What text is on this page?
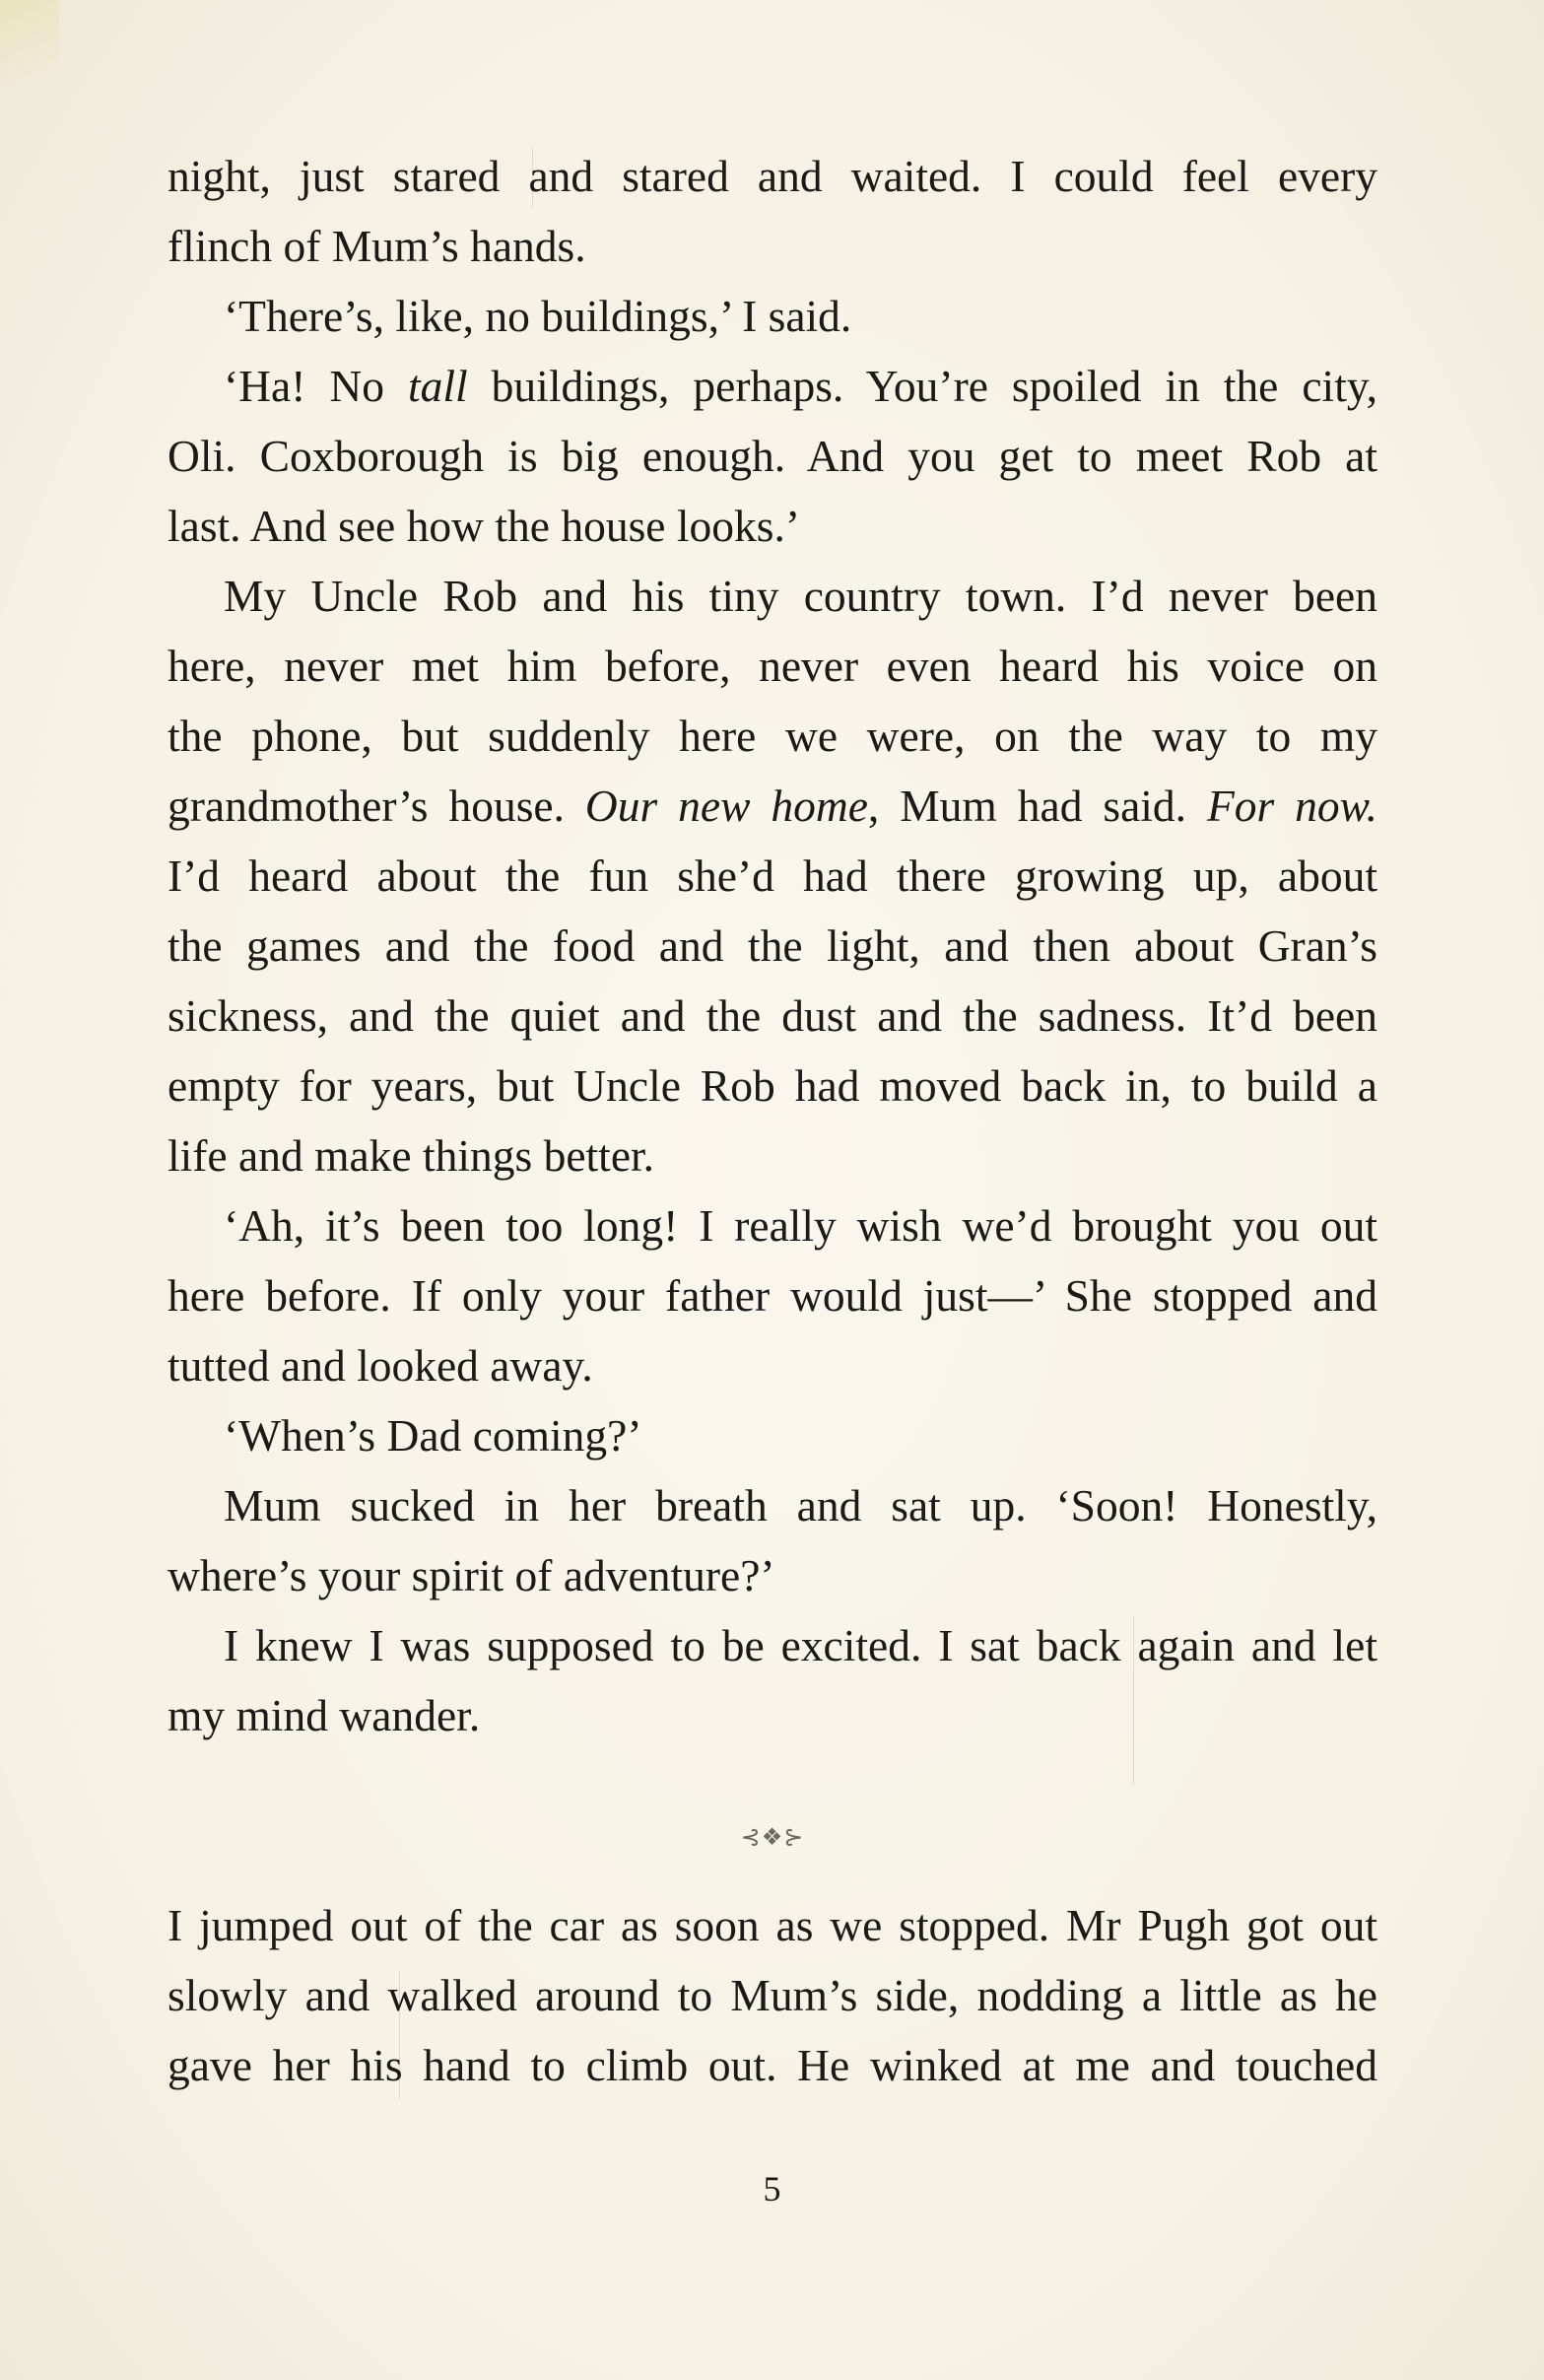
night, just stared and stared and waited. I could feel every
flinch of Mum’s hands.
‘There’s, like, no buildings,’ I said.
‘Ha! No tall buildings, perhaps. You’re spoiled in the city,
Oli. Coxborough is big enough. And you get to meet Rob at
last. And see how the house looks.’
My Uncle Rob and his tiny country town. I’d never been
here, never met him before, never even heard his voice on
the phone, but suddenly here we were, on the way to my
grandmother’s house. Our new home, Mum had said. For now.
I’d heard about the fun she’d had there growing up, about
the games and the food and the light, and then about Gran’s
sickness, and the quiet and the dust and the sadness. It’d been
empty for years, but Uncle Rob had moved back in, to build a
life and make things better.
‘Ah, it’s been too long! I really wish we’d brought you out
here before. If only your father would just—’ She stopped and
tutted and looked away.
‘When’s Dad coming?’
Mum sucked in her breath and sat up. ‘Soon! Honestly,
where’s your spirit of adventure?’
I knew I was supposed to be excited. I sat back again and let
my mind wander.
⊰❖⊱
I jumped out of the car as soon as we stopped. Mr Pugh got out
slowly and walked around to Mum’s side, nodding a little as he
gave her his hand to climb out. He winked at me and touched
5
